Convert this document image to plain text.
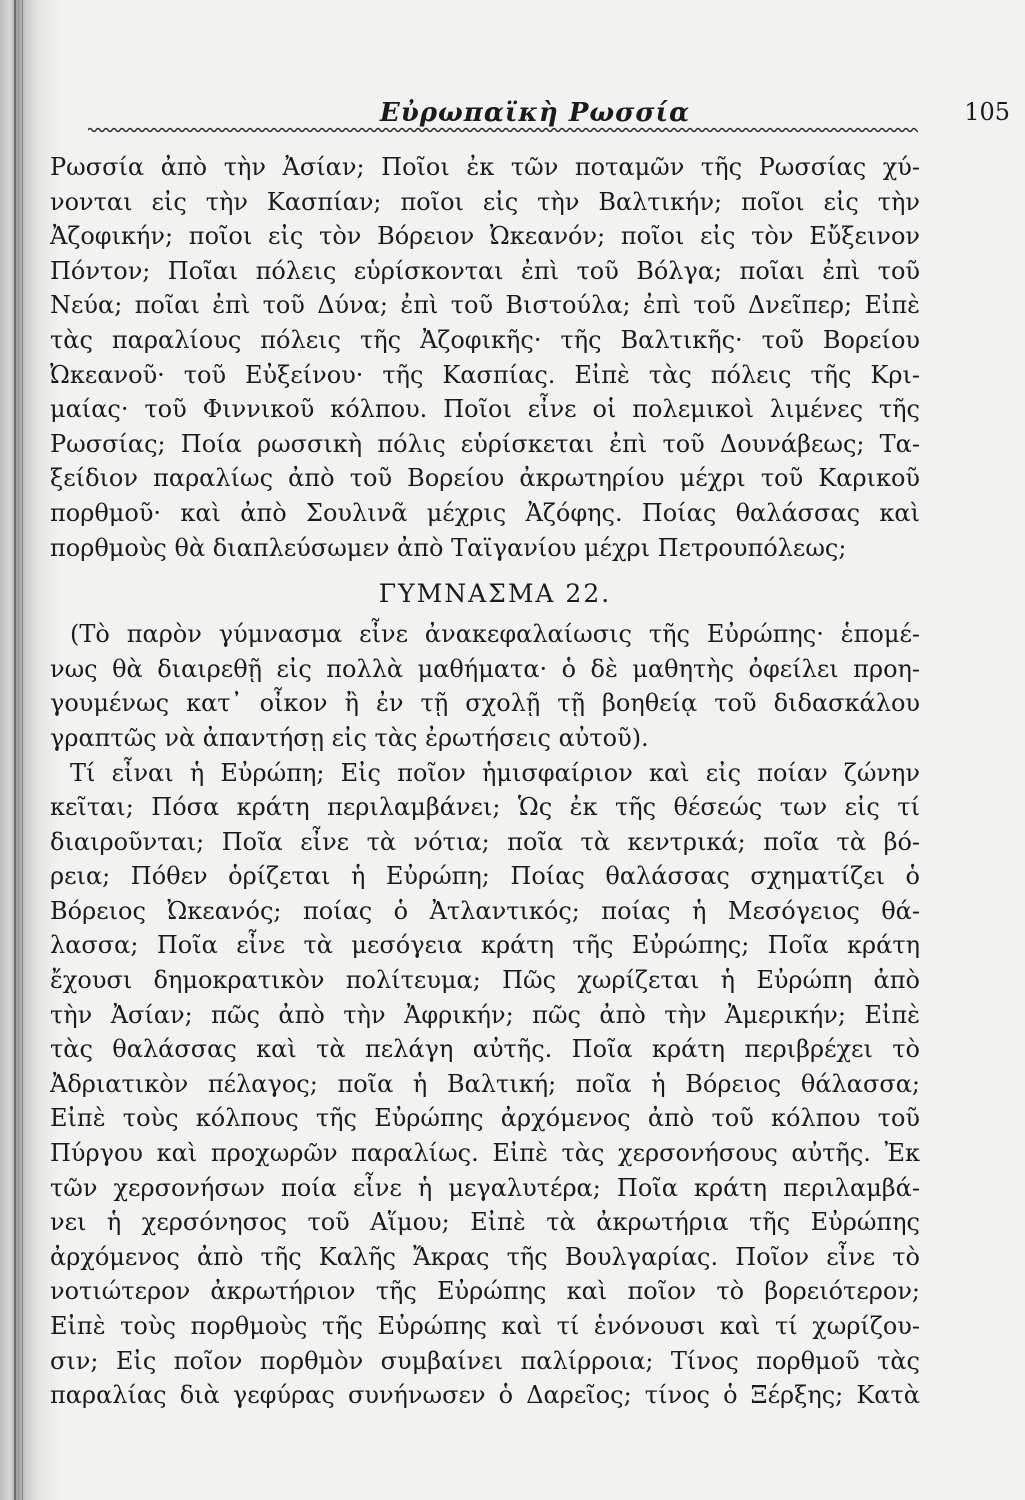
Εὐρωπαϊκὴ Ρωσσία	105
Ρωσσία ἀπὸ τὴν Ἀσίαν; Ποῖοι ἐκ τῶν ποταμῶν τῆς Ρωσσίας χύ-
νονται εἰς τὴν Κασπίαν; ποῖοι εἰς τὴν Βαλτικήν; ποῖοι εἰς τὴν
Ἀζοφικήν; ποῖοι εἰς τὸν Βόρειον Ὠκεανόν; ποῖοι εἰς τὸν Εὔξεινον
Πόντον; Ποῖαι πόλεις εὑρίσκονται ἐπὶ τοῦ Βόλγα; ποῖαι ἐπὶ τοῦ
Νεύα; ποῖαι ἐπὶ τοῦ Δύνα; ἐπὶ τοῦ Βιστούλα; ἐπὶ τοῦ Δνεῖπερ; Εἰπὲ
τὰς παραλίους πόλεις τῆς Ἀζοφικῆς· τῆς Βαλτικῆς· τοῦ Βορείου
Ὠκεανοῦ· τοῦ Εὐξείνου· τῆς Κασπίας. Εἰπὲ τὰς πόλεις τῆς Κρι-
μαίας· τοῦ Φιννικοῦ κόλπου. Ποῖοι εἶνε οἱ πολεμικοὶ λιμένες τῆς
Ρωσσίας; Ποία ρωσσικὴ πόλις εὑρίσκεται ἐπὶ τοῦ Δουνάβεως; Τα-
ξείδιον παραλίως ἀπὸ τοῦ Βορείου ἀκρωτηρίου μέχρι τοῦ Καρικοῦ
πορθμοῦ· καὶ ἀπὸ Σουλινᾶ μέχρις Ἀζόφης. Ποίας θαλάσσας καὶ
πορθμοὺς θὰ διαπλεύσωμεν ἀπὸ Ταϊγανίου μέχρι Πετρουπόλεως;
ΓΥΜΝΑΣΜΑ 22.
(Τὸ παρὸν γύμνασμα εἶνε ἀνακεφαλαίωσις τῆς Εὐρώπης· ἑπομέ-
νως θὰ διαιρεθῇ εἰς πολλὰ μαθήματα· ὁ δὲ μαθητὴς ὀφείλει προη-
γουμένως κατ᾽ οἶκον ἢ ἐν τῇ σχολῇ τῇ βοηθείᾳ τοῦ διδασκάλου
γραπτῶς νὰ ἀπαντήσῃ εἰς τὰς ἐρωτήσεις αὐτοῦ).
Τί εἶναι ἡ Εὐρώπη; Εἰς ποῖον ἡμισφαίριον καὶ εἰς ποίαν ζώνην
κεῖται; Πόσα κράτη περιλαμβάνει; Ὡς ἐκ τῆς θέσεώς των εἰς τί
διαιροῦνται; Ποῖα εἶνε τὰ νότια; ποῖα τὰ κεντρικά; ποῖα τὰ βό-
ρεια; Πόθεν ὁρίζεται ἡ Εὐρώπη; Ποίας θαλάσσας σχηματίζει ὁ
Βόρειος Ὠκεανός; ποίας ὁ Ἀτλαντικός; ποίας ἡ Μεσόγειος θά-
λασσα; Ποῖα εἶνε τὰ μεσόγεια κράτη τῆς Εὐρώπης; Ποῖα κράτη
ἔχουσι δημοκρατικὸν πολίτευμα; Πῶς χωρίζεται ἡ Εὐρώπη ἀπὸ
τὴν Ἀσίαν; πῶς ἀπὸ τὴν Ἀφρικήν; πῶς ἀπὸ τὴν Ἀμερικήν; Εἰπὲ
τὰς θαλάσσας καὶ τὰ πελάγη αὐτῆς. Ποῖα κράτη περιβρέχει τὸ
Ἀδριατικὸν πέλαγος; ποῖα ἡ Βαλτική; ποῖα ἡ Βόρειος θάλασσα;
Εἰπὲ τοὺς κόλπους τῆς Εὐρώπης ἀρχόμενος ἀπὸ τοῦ κόλπου τοῦ
Πύργου καὶ προχωρῶν παραλίως. Εἰπὲ τὰς χερσονήσους αὐτῆς. Ἐκ
τῶν χερσονήσων ποία εἶνε ἡ μεγαλυτέρα; Ποῖα κράτη περιλαμβά-
νει ἡ χερσόνησος τοῦ Αἵμου; Εἰπὲ τὰ ἀκρωτήρια τῆς Εὐρώπης
ἀρχόμενος ἀπὸ τῆς Καλῆς Ἄκρας τῆς Βουλγαρίας. Ποῖον εἶνε τὸ
νοτιώτερον ἀκρωτήριον τῆς Εὐρώπης καὶ ποῖον τὸ βορειότερον;
Εἰπὲ τοὺς πορθμοὺς τῆς Εὐρώπης καὶ τί ἑνόνουσι καὶ τί χωρίζου-
σιν; Εἰς ποῖον πορθμὸν συμβαίνει παλίρροια; Τίνος πορθμοῦ τὰς
παραλίας διὰ γεφύρας συνήνωσεν ὁ Δαρεῖος; τίνος ὁ Ξέρξης; Κατὰ
